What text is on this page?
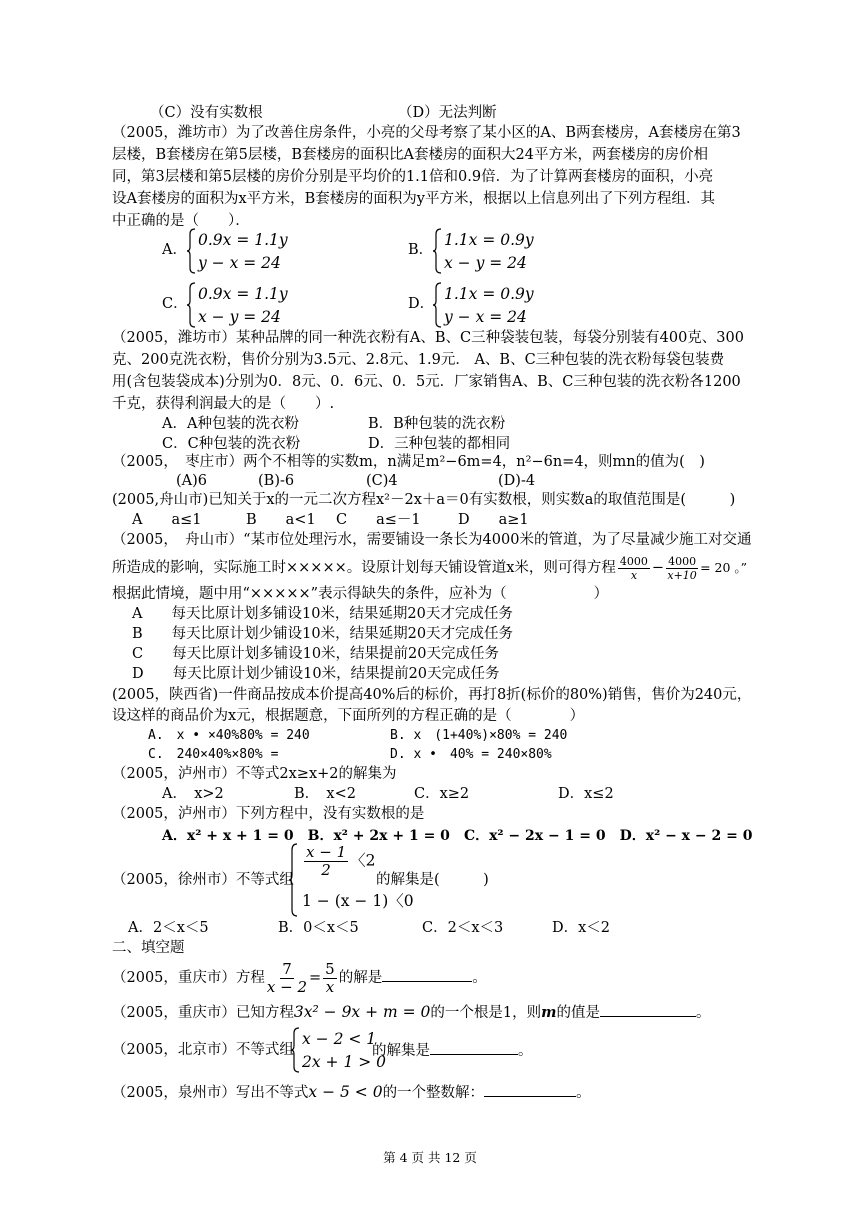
（C）没有实数根	（D）无法判断
（2005，潍坊市）为了改善住房条件，小亮的父母考察了某小区的A、B两套楼房，A套楼房在第3
层楼，B套楼房在第5层楼，B套楼房的面积比A套楼房的面积大24平方米，两套楼房的房价相
同，第3层楼和第5层楼的房价分别是平均价的1.1倍和0.9倍．为了计算两套楼房的面积，小亮
设A套楼房的面积为x平方米，B套楼房的面积为y平方米，根据以上信息列出了下列方程组．其
中正确的是（　　）．
A．
0.9x = 1.1y
y − x = 24
B．
1.1x = 0.9y
x − y = 24
C．
0.9x = 1.1y
x − y = 24
D．
1.1x = 0.9y
y − x = 24
（2005，潍坊市）某种品牌的同一种洗衣粉有A、B、C三种袋装包装，每袋分别装有400克、300
克、200克洗衣粉，售价分别为3.5元、2.8元、1.9元． A、B、C三种包装的洗衣粉每袋包装费
用(含包装袋成本)分别为0．8元、0．6元、0．5元．厂家销售A、B、C三种包装的洗衣粉各1200
千克，获得利润最大的是（　　）.
A．A种包装的洗衣粉	B．B种包装的洗衣粉
C．C种包装的洗衣粉	D．三种包装的都相同
（2005，　枣庄市）两个不相等的实数m，n满足m²−6m=4，n²−6n=4，则mn的值为(　)
(A)6	(B)-6	(C)4	(D)-4
(2005,舟山市)已知关于x的一元二次方程x²－2x＋a＝0有实数根，则实数a的取值范围是(　　　)
A　　a≤1	B　　a<1 C　　a≤－1	D　　a≥1
（2005，　舟山市）“某市位处理污水，需要铺设一条长为4000米的管道，为了尽量减少施工对交通
所造成的影响，实际施工时×××××。设原计划每天铺设管道x米，则可得方程 $\frac{4000}{x} - \frac{4000}{x+10} = 20$ 。”
根据此情境，题中用“×××××”表示得缺失的条件，应补为（　　　　　　）
A　　每天比原计划多铺设10米，结果延期20天才完成任务
B　　每天比原计划少铺设10米，结果延期20天才完成任务
C　　每天比原计划多铺设10米，结果提前20天完成任务
D　　每天比原计划少铺设10米，结果提前20天完成任务
(2005，陕西省)一件商品按成本价提高40%后的标价，再打8折(标价的80%)销售，售价为240元，
设这样的商品价为x元，根据题意，下面所列的方程正确的是（　　　　）
A.　x • ×40%80% = 240	B. x　(1+40%)×80% = 240
C.　240×40%×80% =	D. x •　40% = 240×80%
（2005，泸州市）不等式2x≥x+2的解集为
A．　x>2	B．　x<2	C．x≥2	D．x≤2
（2005，泸州市）下列方程中，没有实数根的是
A．x² + x + 1 = 0　 B．x² + 2x + 1 = 0　 C．x² − 2x − 1 = 0　 D．x² − x − 2 = 0
（2005，徐州市）不等式组
$\frac{x - 1}{2}$ 〈2
1 − (x − 1)〈0
的解集是(　　　)
A．2＜x＜5	B．0＜x＜5	C．2＜x＜3	D．x＜2
二、填空题
（2005，重庆市）方程 $\frac{7}{x - 2} = \frac{5}{x}$ 的解是	。
（2005，重庆市）已知方程3x² − 9x + m = 0的一个根是1，则m的值是	。
（2005，北京市）不等式组
x − 2 < 1
2x + 1 > 0
的解集是	。
（2005，泉州市）写出不等式x − 5 < 0的一个整数解：	。
第 4 页 共 12 页
